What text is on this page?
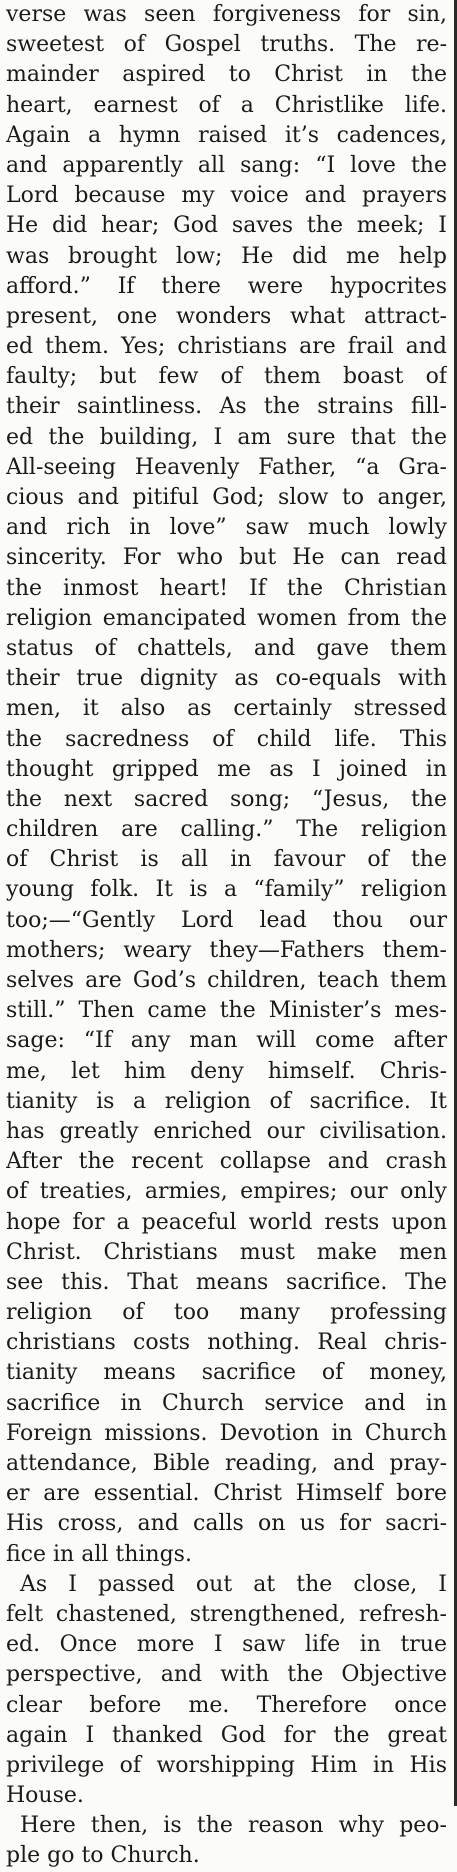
verse was seen forgiveness for sin,
sweetest of Gospel truths. The re-
mainder aspired to Christ in the
heart, earnest of a Christlike life.
Again a hymn raised it’s cadences,
and apparently all sang: “I love the
Lord because my voice and prayers
He did hear; God saves the meek; I
was brought low; He did me help
afford.” If there were hypocrites
present, one wonders what attract-
ed them. Yes; christians are frail and
faulty; but few of them boast of
their saintliness. As the strains fill-
ed the building, I am sure that the
All-seeing Heavenly Father, “a Gra-
cious and pitiful God; slow to anger,
and rich in love” saw much lowly
sincerity. For who but He can read
the inmost heart! If the Christian
religion emancipated women from the
status of chattels, and gave them
their true dignity as co-equals with
men, it also as certainly stressed
the sacredness of child life. This
thought gripped me as I joined in
the next sacred song; “Jesus, the
children are calling.” The religion
of Christ is all in favour of the
young folk. It is a “family” religion
too;—“Gently Lord lead thou our
mothers; weary they—Fathers them-
selves are God’s children, teach them
still.” Then came the Minister’s mes-
sage: “If any man will come after
me, let him deny himself. Chris-
tianity is a religion of sacrifice. It
has greatly enriched our civilisation.
After the recent collapse and crash
of treaties, armies, empires; our only
hope for a peaceful world rests upon
Christ. Christians must make men
see this. That means sacrifice. The
religion of too many professing
christians costs nothing. Real chris-
tianity means sacrifice of money,
sacrifice in Church service and in
Foreign missions. Devotion in Church
attendance, Bible reading, and pray-
er are essential. Christ Himself bore
His cross, and calls on us for sacri-
fice in all things.
As I passed out at the close, I
felt chastened, strengthened, refresh-
ed. Once more I saw life in true
perspective, and with the Objective
clear before me. Therefore once
again I thanked God for the great
privilege of worshipping Him in His
House.
Here then, is the reason why peo-
ple go to Church.
